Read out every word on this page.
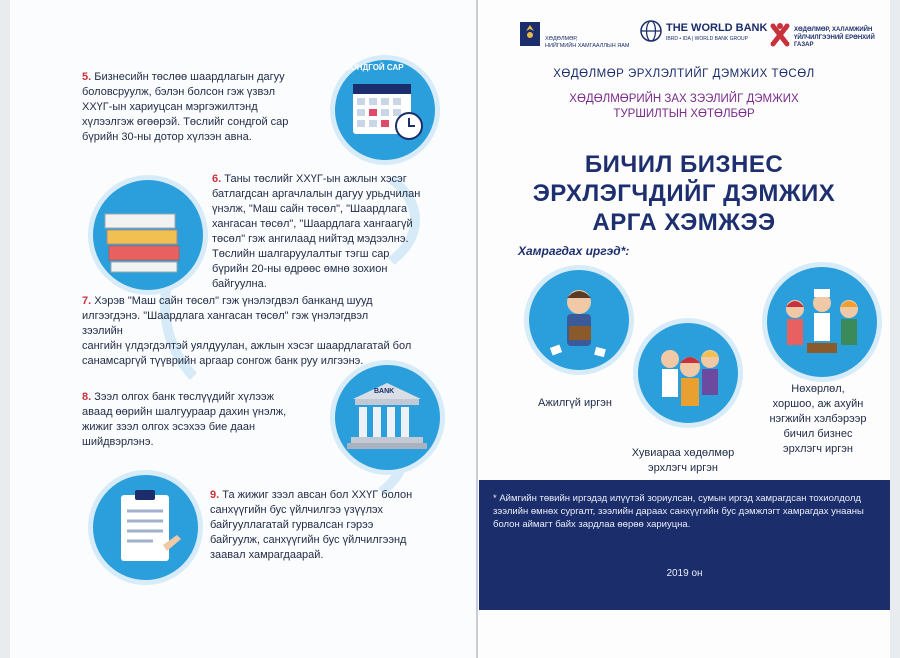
СОНДГОЙ САР
5. Бизнесийн төслөө шаардлагын дагуу
боловсруулж, бэлэн болсон гэж үзвэл
ХХҮГ-ын хариуцсан мэргэжилтэнд
хүлээлгэж өгөөрэй. Төслийг сондгой сар
бүрийн 30-ны дотор хүлээн авна.
6. Таны төслийг ХХҮГ-ын ажлын хэсэг
батлагдсан аргачлалын дагуу урьдчилан
үнэлж, "Маш сайн төсөл", "Шаардлага
хангасан төсөл", "Шаардлага хангаагүй
төсөл" гэж ангилаад нийтэд мэдээлнэ.
Төслийн шалгаруулалтыг тэгш сар
бүрийн 20-ны өдрөөс өмнө зохион
байгуулна.
7. Хэрэв "Маш сайн төсөл" гэж үнэлэгдвэл банканд шууд
илгээгдэнэ. "Шаардлага хангасан төсөл" гэж үнэлэгдвэл зээлийн
сангийн үлдэгдэлтэй уялдуулан, ажлын хэсэг шаардлагатай бол
санамсаргүй түүврийн аргаар сонгож банк руу илгээнэ.
BANK
8. Зээл олгох банк төслүүдийг хүлээж
аваад өөрийн шалгуураар дахин үнэлж,
жижиг зээл олгох эсэхээ бие даан
шийдвэрлэнэ.
9. Та жижиг зээл авсан бол ХХҮГ болон
санхүүгийн бус үйлчилгээ үзүүлэх
байгууллагатай гурвалсан гэрээ
байгуулж, санхүүгийн бус үйлчилгээнд
заавал хамрагдаарай.
ХӨДӨЛМӨР,
НИЙГМИЙН ХАМГААЛЛЫН ЯАМ
THE WORLD BANK
IBRD • IDA | WORLD BANK GROUP
ХӨДӨЛМӨР, ХАЛАМЖИЙН
ҮЙЛЧИЛГЭЭНИЙ ЕРӨНХИЙ
ГАЗАР
ХӨДӨЛМӨР ЭРХЛЭЛТИЙГ ДЭМЖИХ ТӨСӨЛ
ХӨДӨЛМӨРИЙН ЗАХ ЗЭЭЛИЙГ ДЭМЖИХ
ТУРШИЛТЫН ХӨТӨЛБӨР
БИЧИЛ БИЗНЕС
ЭРХЛЭГЧДИЙГ ДЭМЖИХ
АРГА ХЭМЖЭЭ
Хамрагдах иргэд*:
Ажилгүй иргэн
Хувиараа хөдөлмөр
эрхлэгч иргэн
Нөхөрлөл,
хоршоо, аж ахуйн
нэгжийн хэлбэрээр
бичил бизнес
эрхлэгч иргэн
* Аймгийн төвийн иргэдэд илүүтэй зориулсан, сумын иргэд хамрагдсан тохиолдолд зээлийн өмнөх сургалт, зээлийн дараах санхүүгийн бус дэмжлэгт хамрагдах унааны болон аймагт байх зардлаа өөрөө хариуцна.
2019 он
